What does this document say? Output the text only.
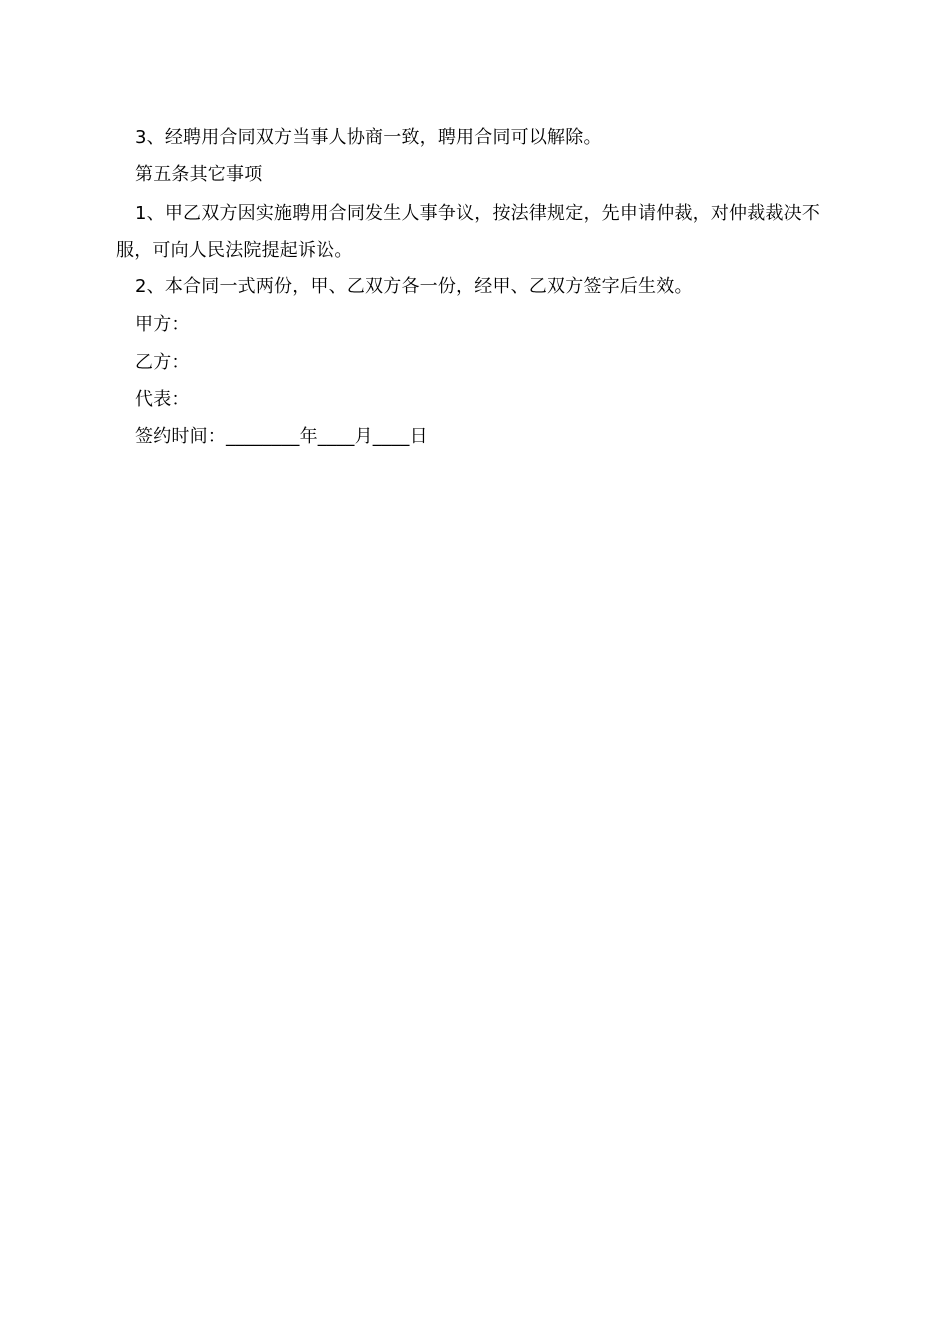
3、经聘用合同双方当事人协商一致，聘用合同可以解除。
第五条其它事项
1、甲乙双方因实施聘用合同发生人事争议，按法律规定，先申请仲裁，对仲裁裁决不服，可向人民法院提起诉讼。
2、本合同一式两份，甲、乙双方各一份，经甲、乙双方签字后生效。
甲方：
乙方：
代表：
签约时间：________年____月____日
